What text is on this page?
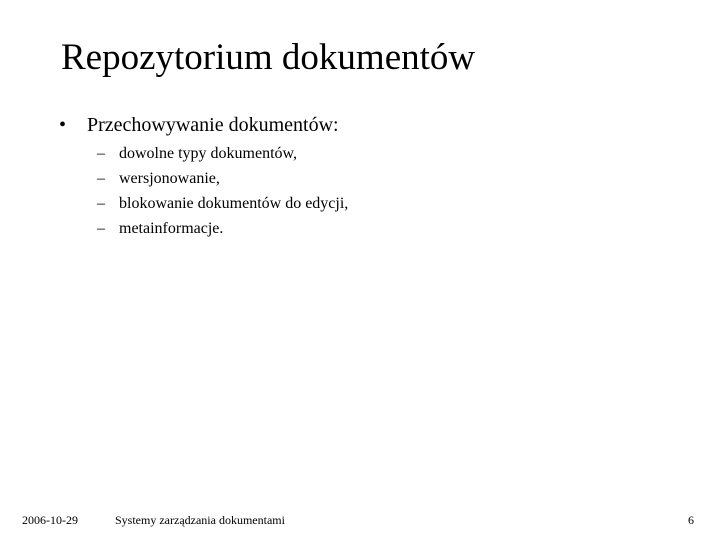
Repozytorium dokumentów
• Przechowywanie dokumentów:
– dowolne typy dokumentów,
– wersjonowanie,
– blokowanie dokumentów do edycji,
– metainformacje.
2006-10-29	Systemy zarządzania dokumentami	6
